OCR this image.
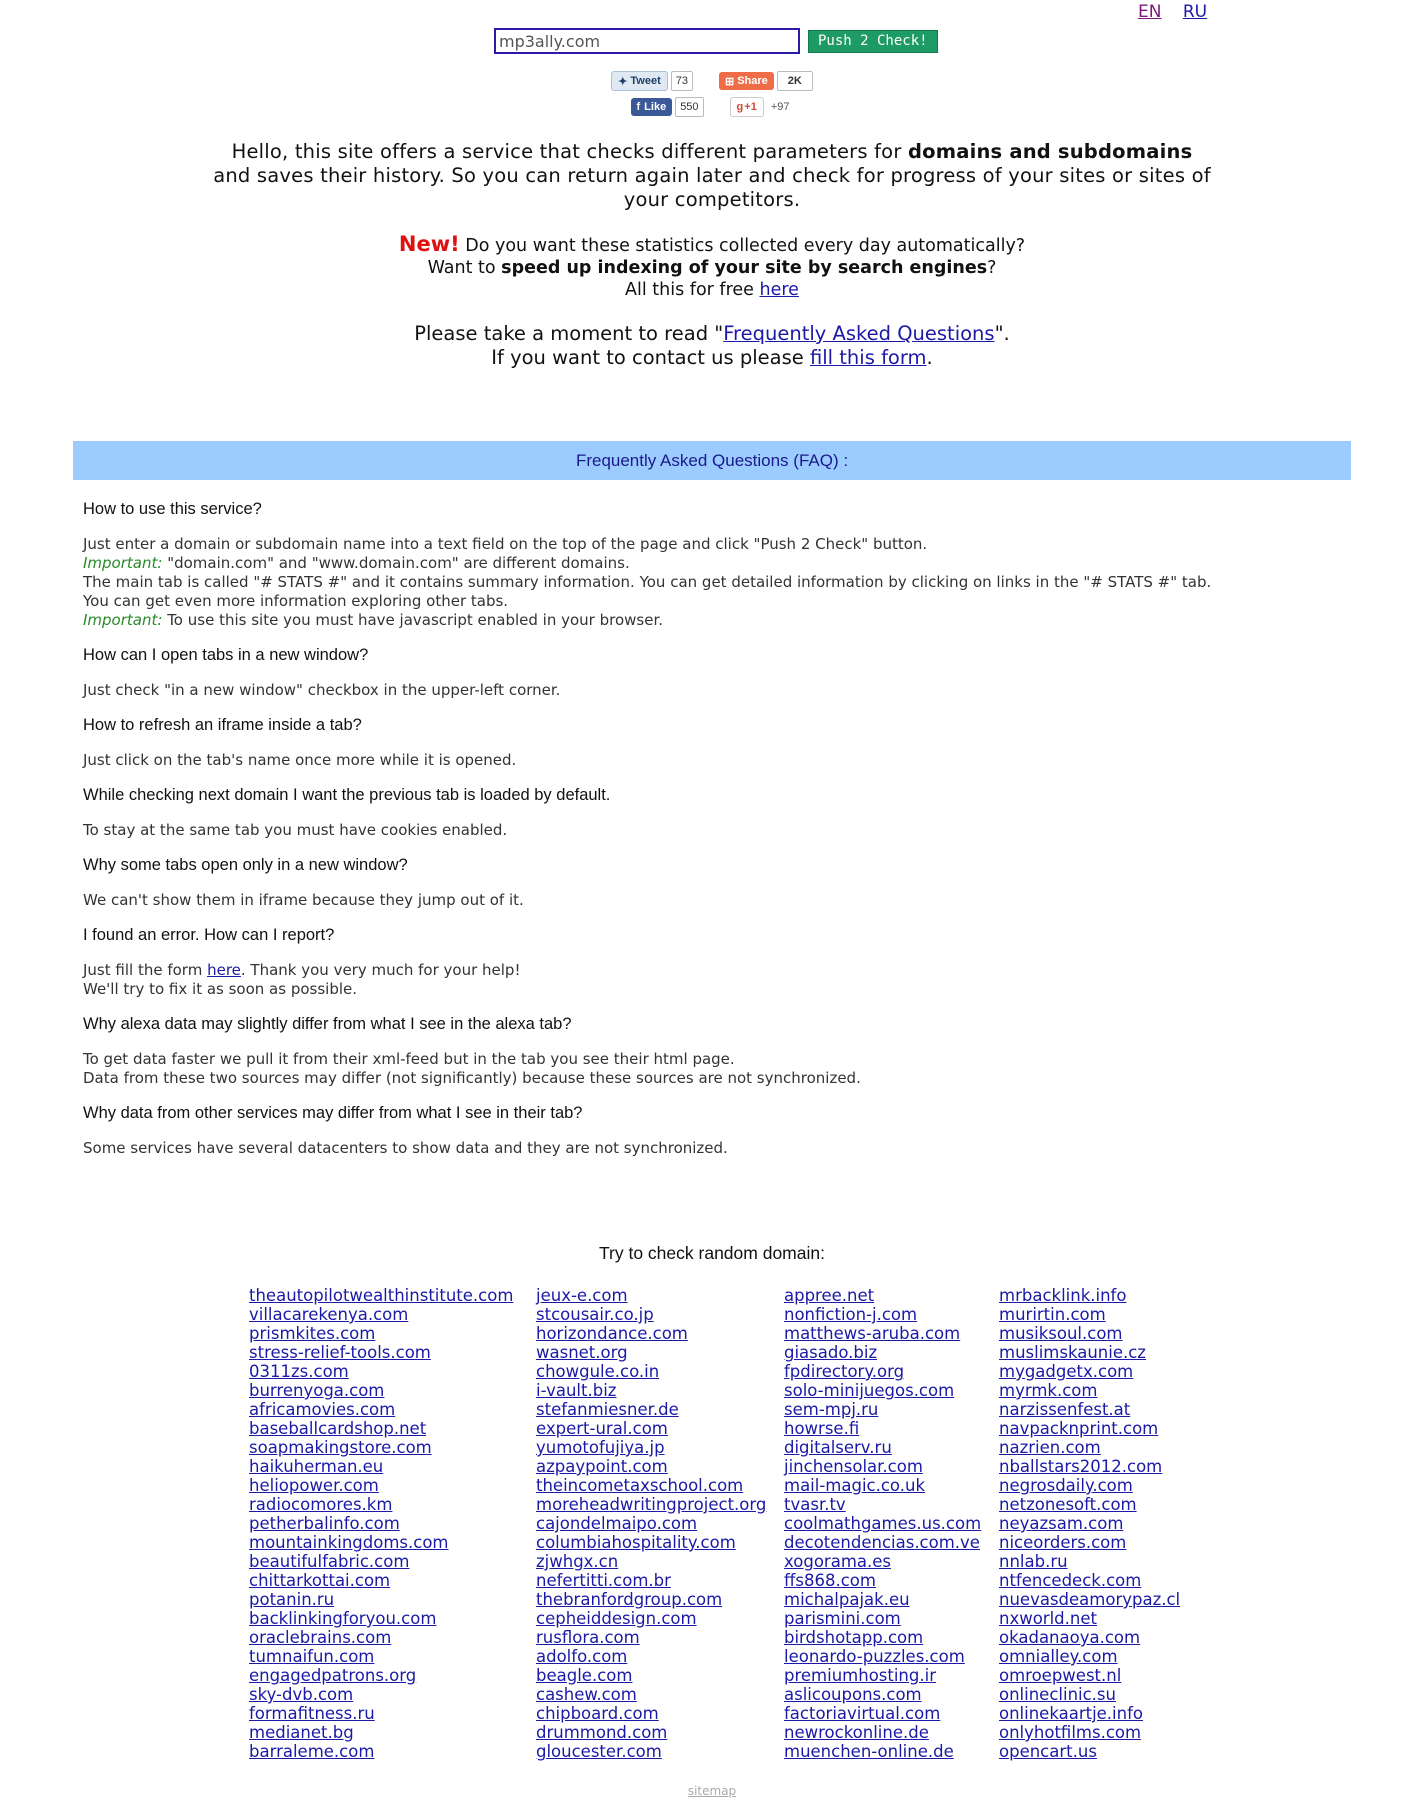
EN RU
mp3ally.com
Push 2 Check!
✦ Tweet	73	⊞ Share	2K
f Like	550	g +1	+97
Hello, this site offers a service that checks different parameters for domains and subdomains and saves their history. So you can return again later and check for progress of your sites or sites of your competitors.
New! Do you want these statistics collected every day automatically?
Want to speed up indexing of your site by search engines?
All this for free here
Please take a moment to read "Frequently Asked Questions".
If you want to contact us please fill this form.
Frequently Asked Questions (FAQ) :
How to use this service?
Just enter a domain or subdomain name into a text field on the top of the page and click "Push 2 Check" button.
Important: "domain.com" and "www.domain.com" are different domains.
The main tab is called "# STATS #" and it contains summary information. You can get detailed information by clicking on links in the "# STATS #" tab.
You can get even more information exploring other tabs.
Important: To use this site you must have javascript enabled in your browser.
How can I open tabs in a new window?
Just check "in a new window" checkbox in the upper-left corner.
How to refresh an iframe inside a tab?
Just click on the tab's name once more while it is opened.
While checking next domain I want the previous tab is loaded by default.
To stay at the same tab you must have cookies enabled.
Why some tabs open only in a new window?
We can't show them in iframe because they jump out of it.
I found an error. How can I report?
Just fill the form here. Thank you very much for your help!
We'll try to fix it as soon as possible.
Why alexa data may slightly differ from what I see in the alexa tab?
To get data faster we pull it from their xml-feed but in the tab you see their html page.
Data from these two sources may differ (not significantly) because these sources are not synchronized.
Why data from other services may differ from what I see in their tab?
Some services have several datacenters to show data and they are not synchronized.
Try to check random domain:
theautopilotwealthinstitute.com
villacarekenya.com
prismkites.com
stress-relief-tools.com
0311zs.com
burrenyoga.com
africamovies.com
baseballcardshop.net
soapmakingstore.com
haikuherman.eu
heliopower.com
radiocomores.km
petherbalinfo.com
mountainkingdoms.com
beautifulfabric.com
chittarkottai.com
potanin.ru
backlinkingforyou.com
oraclebrains.com
tumnaifun.com
engagedpatrons.org
sky-dvb.com
formafitness.ru
medianet.bg
barraleme.com
jeux-e.com
stcousair.co.jp
horizondance.com
wasnet.org
chowgule.co.in
i-vault.biz
stefanmiesner.de
expert-ural.com
yumotofujiya.jp
azpaypoint.com
theincometaxschool.com
moreheadwritingproject.org
cajondelmaipo.com
columbiahospitality.com
zjwhgx.cn
nefertitti.com.br
thebranfordgroup.com
cepheiddesign.com
rusflora.com
adolfo.com
beagle.com
cashew.com
chipboard.com
drummond.com
gloucester.com
appree.net
nonfiction-j.com
matthews-aruba.com
giasado.biz
fpdirectory.org
solo-minijuegos.com
sem-mpj.ru
howrse.fi
digitalserv.ru
jinchensolar.com
mail-magic.co.uk
tvasr.tv
coolmathgames.us.com
decotendencias.com.ve
xogorama.es
ffs868.com
michalpajak.eu
parismini.com
birdshotapp.com
leonardo-puzzles.com
premiumhosting.ir
aslicoupons.com
factoriavirtual.com
newrockonline.de
muenchen-online.de
mrbacklink.info
murirtin.com
musiksoul.com
muslimskaunie.cz
mygadgetx.com
myrmk.com
narzissenfest.at
navpacknprint.com
nazrien.com
nballstars2012.com
negrosdaily.com
netzonesoft.com
neyazsam.com
niceorders.com
nnlab.ru
ntfencedeck.com
nuevasdeamorypaz.cl
nxworld.net
okadanaoya.com
omnialley.com
omroepwest.nl
onlineclinic.su
onlinekaartje.info
onlyhotfilms.com
opencart.us
sitemap
